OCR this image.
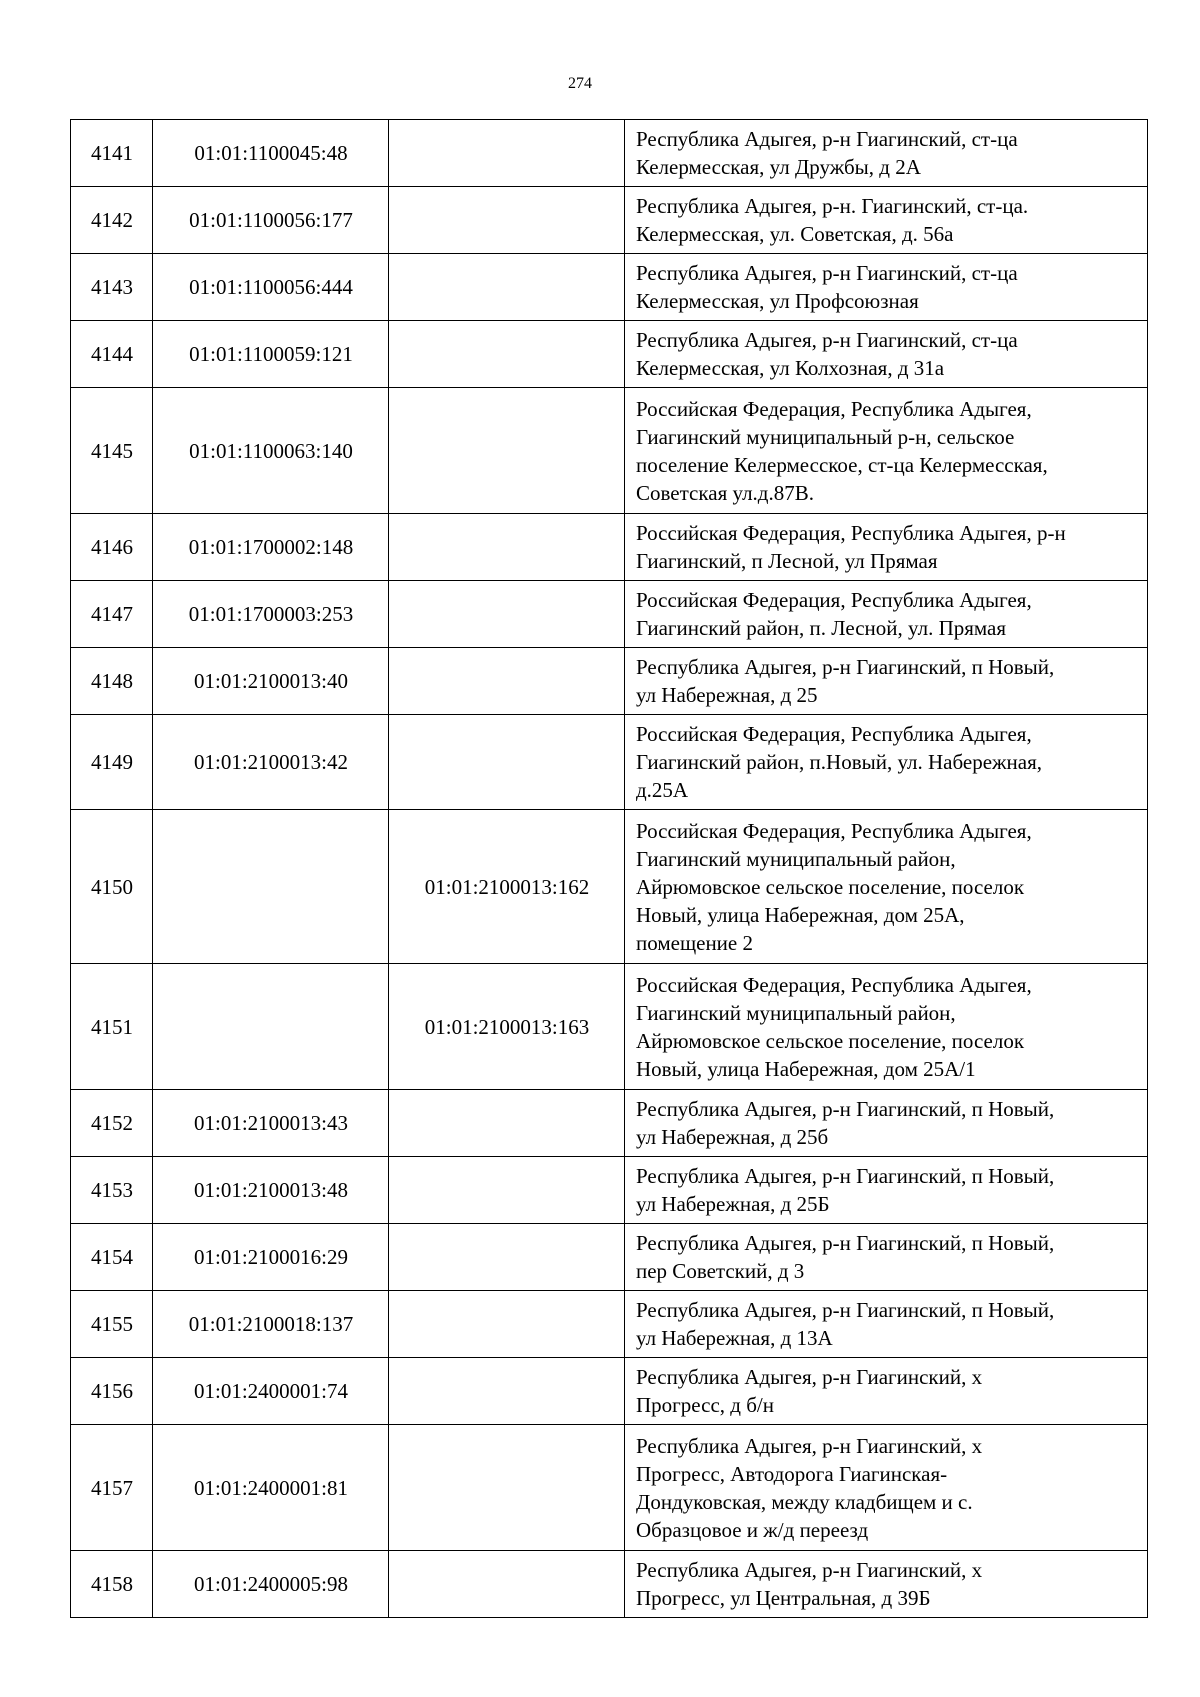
274
4141	01:01:1100045:48		Республика Адыгея, р-н Гиагинский, ст-ца
Келермесская, ул Дружбы, д 2А
4142	01:01:1100056:177		Республика Адыгея, р-н. Гиагинский, ст-ца.
Келермесская, ул. Советская, д. 56а
4143	01:01:1100056:444		Республика Адыгея, р-н Гиагинский, ст-ца
Келермесская, ул Профсоюзная
4144	01:01:1100059:121		Республика Адыгея, р-н Гиагинский, ст-ца
Келермесская, ул Колхозная, д 31а
4145	01:01:1100063:140		Российская Федерация, Республика Адыгея,
Гиагинский муниципальный р-н, сельское
поселение Келермесское, ст-ца Келермесская,
Советская ул.д.87В.
4146	01:01:1700002:148		Российская Федерация, Республика Адыгея, р-н
Гиагинский, п Лесной, ул Прямая
4147	01:01:1700003:253		Российская Федерация, Республика Адыгея,
Гиагинский район, п. Лесной, ул. Прямая
4148	01:01:2100013:40		Республика Адыгея, р-н Гиагинский, п Новый,
ул Набережная, д 25
4149	01:01:2100013:42		Российская Федерация, Республика Адыгея,
Гиагинский район, п.Новый, ул. Набережная,
д.25А
4150		01:01:2100013:162	Российская Федерация, Республика Адыгея,
Гиагинский муниципальный район,
Айрюмовское сельское поселение, поселок
Новый, улица Набережная, дом 25А,
помещение 2
4151		01:01:2100013:163	Российская Федерация, Республика Адыгея,
Гиагинский муниципальный район,
Айрюмовское сельское поселение, поселок
Новый, улица Набережная, дом 25А/1
4152	01:01:2100013:43		Республика Адыгея, р-н Гиагинский, п Новый,
ул Набережная, д 25б
4153	01:01:2100013:48		Республика Адыгея, р-н Гиагинский, п Новый,
ул Набережная, д 25Б
4154	01:01:2100016:29		Республика Адыгея, р-н Гиагинский, п Новый,
пер Советский, д 3
4155	01:01:2100018:137		Республика Адыгея, р-н Гиагинский, п Новый,
ул Набережная, д 13А
4156	01:01:2400001:74		Республика Адыгея, р-н Гиагинский, х
Прогресс, д б/н
4157	01:01:2400001:81		Республика Адыгея, р-н Гиагинский, х
Прогресс, Автодорога Гиагинская-
Дондуковская, между кладбищем и с.
Образцовое и ж/д переезд
4158	01:01:2400005:98		Республика Адыгея, р-н Гиагинский, х
Прогресс, ул Центральная, д 39Б
